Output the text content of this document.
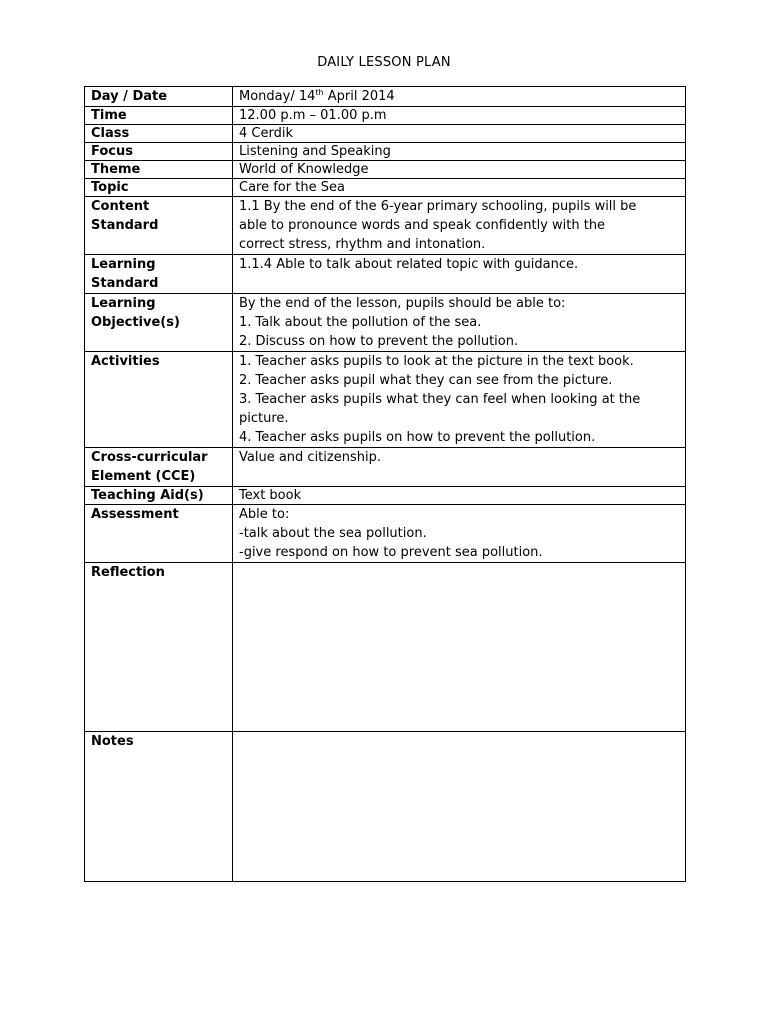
DAILY LESSON PLAN
Day / Date	Monday/ 14th April 2014
Time	12.00 p.m – 01.00 p.m
Class	4 Cerdik
Focus	Listening and Speaking
Theme	World of Knowledge
Topic	Care for the Sea

Content
Standard	1.1 By the end of the 6-year primary schooling, pupils will be
able to pronounce words and speak confidently with the
correct stress, rhythm and intonation.

Learning
Standard	1.1.4 Able to talk about related topic with guidance.

Learning
Objective(s)	By the end of the lesson, pupils should be able to:
1. Talk about the pollution of the sea.
2. Discuss on how to prevent the pollution.

Activities	1. Teacher asks pupils to look at the picture in the text book.
2. Teacher asks pupil what they can see from the picture.
3. Teacher asks pupils what they can feel when looking at the
picture.
4. Teacher asks pupils on how to prevent the pollution.

Cross-curricular
Element (CCE)	Value and citizenship.
Teaching Aid(s)	Text book
Assessment	Able to:
-talk about the sea pollution.
-give respond on how to prevent sea pollution.

Reflection	
Notes	
